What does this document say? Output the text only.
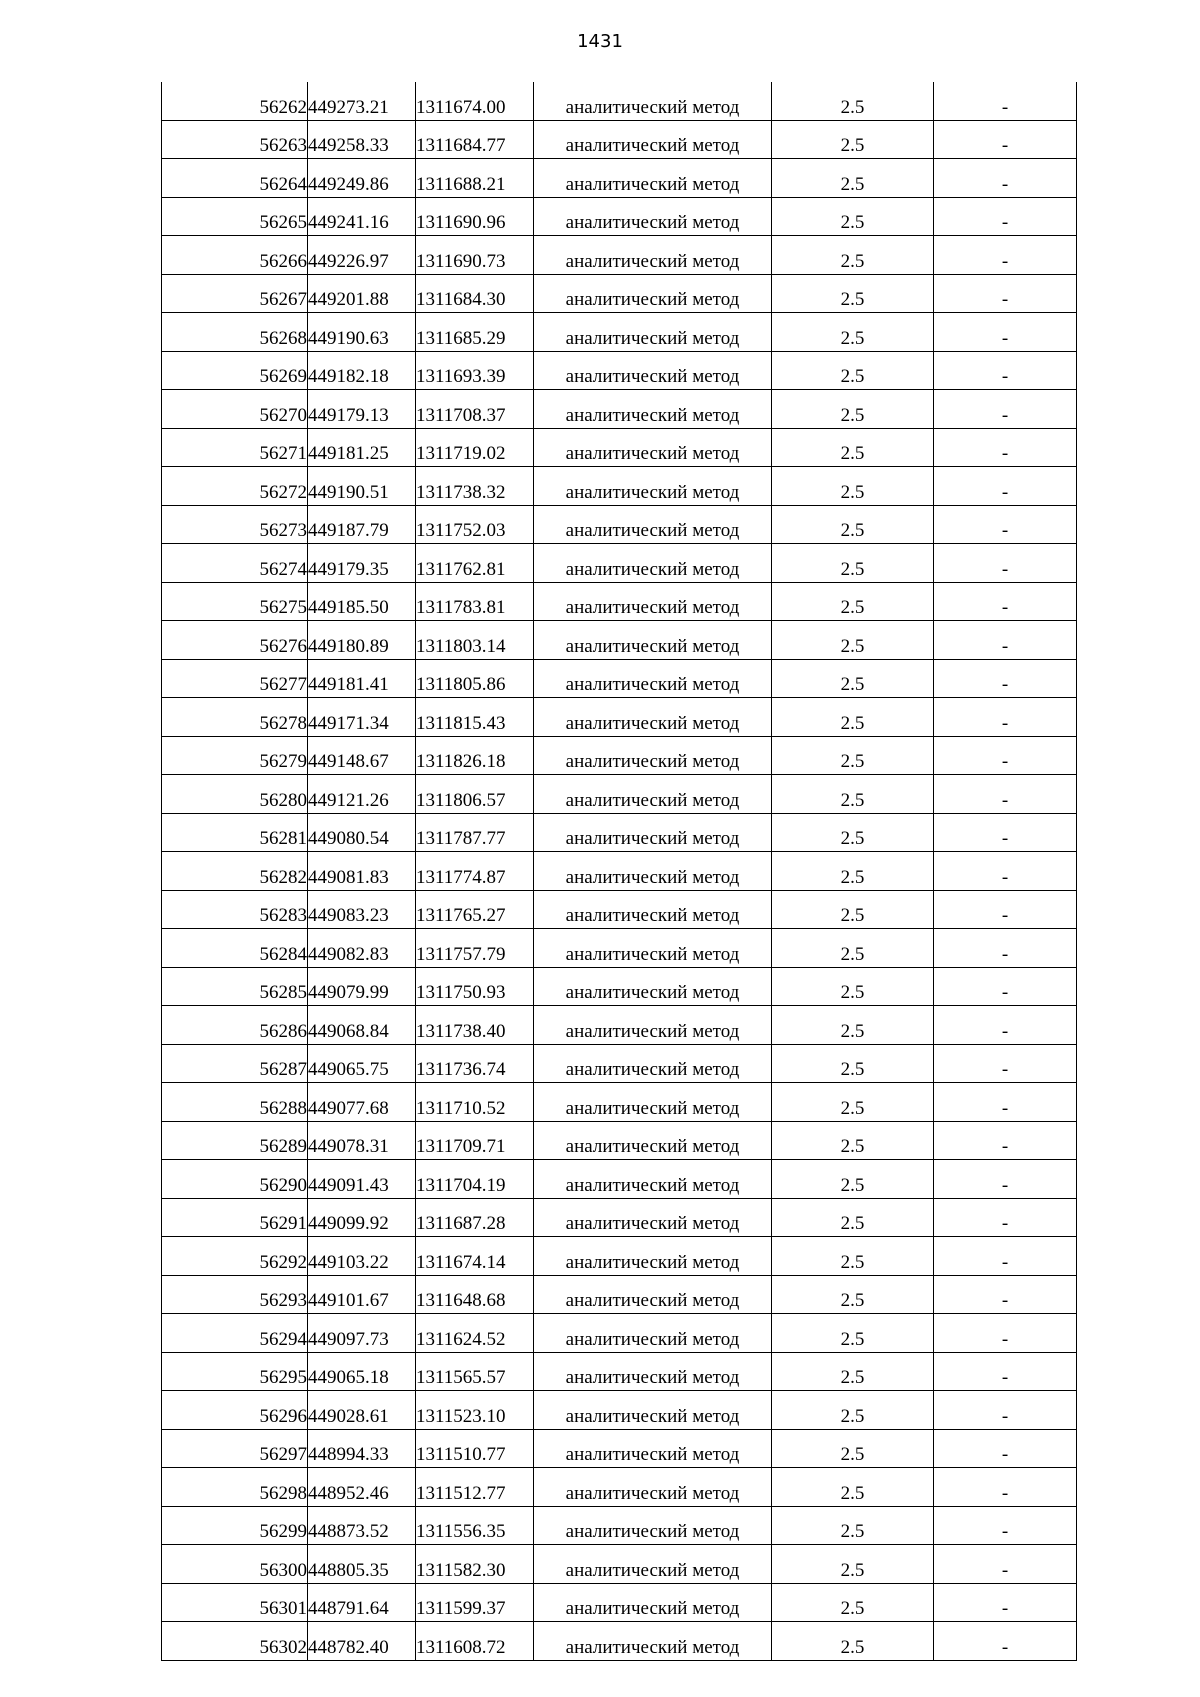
1431
56262	449273.21	1311674.00	аналитический метод	2.5	-
56263	449258.33	1311684.77	аналитический метод	2.5	-
56264	449249.86	1311688.21	аналитический метод	2.5	-
56265	449241.16	1311690.96	аналитический метод	2.5	-
56266	449226.97	1311690.73	аналитический метод	2.5	-
56267	449201.88	1311684.30	аналитический метод	2.5	-
56268	449190.63	1311685.29	аналитический метод	2.5	-
56269	449182.18	1311693.39	аналитический метод	2.5	-
56270	449179.13	1311708.37	аналитический метод	2.5	-
56271	449181.25	1311719.02	аналитический метод	2.5	-
56272	449190.51	1311738.32	аналитический метод	2.5	-
56273	449187.79	1311752.03	аналитический метод	2.5	-
56274	449179.35	1311762.81	аналитический метод	2.5	-
56275	449185.50	1311783.81	аналитический метод	2.5	-
56276	449180.89	1311803.14	аналитический метод	2.5	-
56277	449181.41	1311805.86	аналитический метод	2.5	-
56278	449171.34	1311815.43	аналитический метод	2.5	-
56279	449148.67	1311826.18	аналитический метод	2.5	-
56280	449121.26	1311806.57	аналитический метод	2.5	-
56281	449080.54	1311787.77	аналитический метод	2.5	-
56282	449081.83	1311774.87	аналитический метод	2.5	-
56283	449083.23	1311765.27	аналитический метод	2.5	-
56284	449082.83	1311757.79	аналитический метод	2.5	-
56285	449079.99	1311750.93	аналитический метод	2.5	-
56286	449068.84	1311738.40	аналитический метод	2.5	-
56287	449065.75	1311736.74	аналитический метод	2.5	-
56288	449077.68	1311710.52	аналитический метод	2.5	-
56289	449078.31	1311709.71	аналитический метод	2.5	-
56290	449091.43	1311704.19	аналитический метод	2.5	-
56291	449099.92	1311687.28	аналитический метод	2.5	-
56292	449103.22	1311674.14	аналитический метод	2.5	-
56293	449101.67	1311648.68	аналитический метод	2.5	-
56294	449097.73	1311624.52	аналитический метод	2.5	-
56295	449065.18	1311565.57	аналитический метод	2.5	-
56296	449028.61	1311523.10	аналитический метод	2.5	-
56297	448994.33	1311510.77	аналитический метод	2.5	-
56298	448952.46	1311512.77	аналитический метод	2.5	-
56299	448873.52	1311556.35	аналитический метод	2.5	-
56300	448805.35	1311582.30	аналитический метод	2.5	-
56301	448791.64	1311599.37	аналитический метод	2.5	-
56302	448782.40	1311608.72	аналитический метод	2.5	-
